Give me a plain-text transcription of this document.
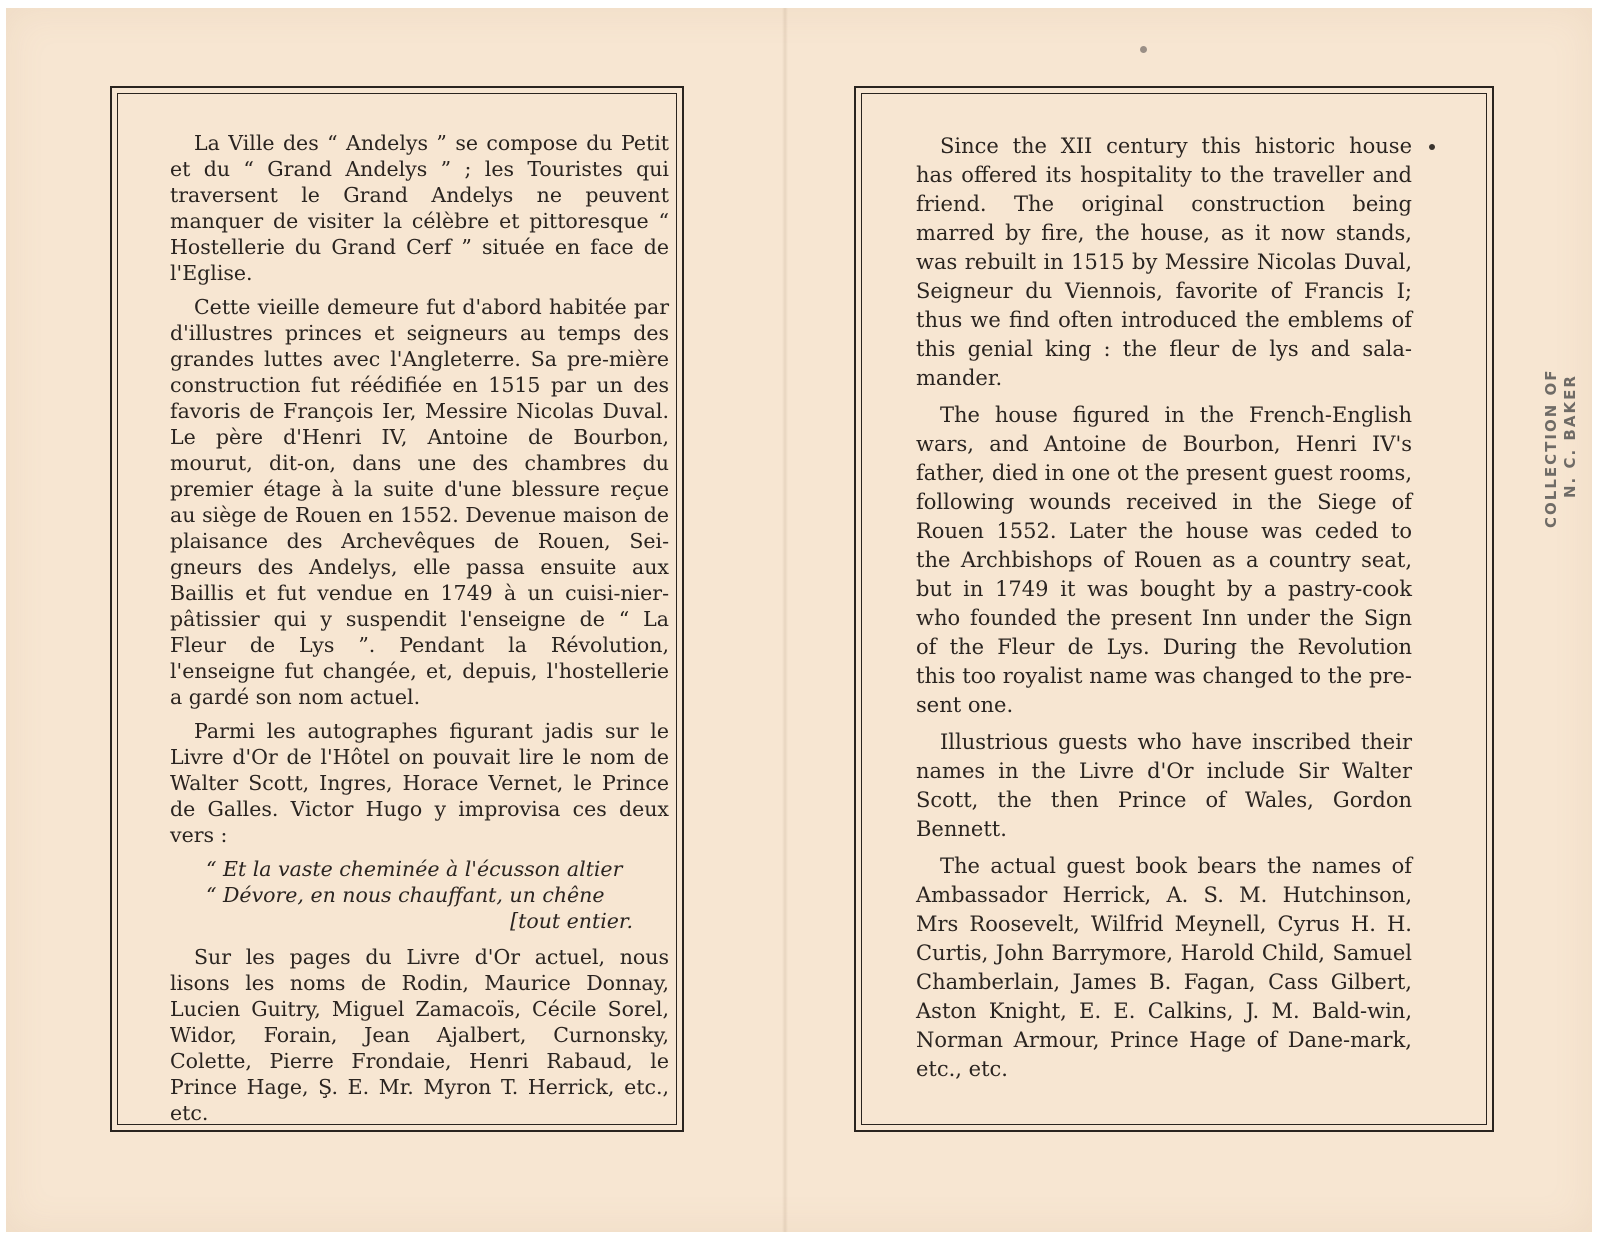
La Ville des “ Andelys ” se compose du Petit et du “ Grand Andelys ” ; les Touristes qui traversent le Grand Andelys ne peuvent manquer de visiter la célèbre et pittoresque “ Hostellerie du Grand Cerf ” située en face de l'Eglise.

Cette vieille demeure fut d'abord habitée par d'illustres princes et seigneurs au temps des grandes luttes avec l'Angleterre. Sa pre-mière construction fut réédifiée en 1515 par un des favoris de François Ier, Messire Nicolas Duval. Le père d'Henri IV, Antoine de Bourbon, mourut, dit-on, dans une des chambres du premier étage à la suite d'une blessure reçue au siège de Rouen en 1552. Devenue maison de plaisance des Archevêques de Rouen, Sei-gneurs des Andelys, elle passa ensuite aux Baillis et fut vendue en 1749 à un cuisi-nier-pâtissier qui y suspendit l'enseigne de “ La Fleur de Lys ”. Pendant la Révolution, l'enseigne fut changée, et, depuis, l'hostellerie a gardé son nom actuel.

Parmi les autographes figurant jadis sur le Livre d'Or de l'Hôtel on pouvait lire le nom de Walter Scott, Ingres, Horace Vernet, le Prince de Galles. Victor Hugo y improvisa ces deux vers :

“ Et la vaste cheminée à l'écusson altier
“ Dévore, en nous chauffant, un chêne
[tout entier.

Sur les pages du Livre d'Or actuel, nous lisons les noms de Rodin, Maurice Donnay, Lucien Guitry, Miguel Zamacoïs, Cécile Sorel, Widor, Forain, Jean Ajalbert, Curnonsky, Colette, Pierre Frondaie, Henri Rabaud, le Prince Hage, Ş. E. Mr. Myron T. Herrick, etc., etc.

Since the XII century this historic house has offered its hospitality to the traveller and friend. The original construction being marred by fire, the house, as it now stands, was rebuilt in 1515 by Messire Nicolas Duval, Seigneur du Viennois, favorite of Francis I; thus we find often introduced the emblems of this genial king : the fleur de lys and sala-mander.

The house figured in the French-English wars, and Antoine de Bourbon, Henri IV's father, died in one ot the present guest rooms, following wounds received in the Siege of Rouen 1552. Later the house was ceded to the Archbishops of Rouen as a country seat, but in 1749 it was bought by a pastry-cook who founded the present Inn under the Sign of the Fleur de Lys. During the Revolution this too royalist name was changed to the pre-sent one.

Illustrious guests who have inscribed their names in the Livre d'Or include Sir Walter Scott, the then Prince of Wales, Gordon Bennett.

The actual guest book bears the names of Ambassador Herrick, A. S. M. Hutchinson, Mrs Roosevelt, Wilfrid Meynell, Cyrus H. H. Curtis, John Barrymore, Harold Child, Samuel Chamberlain, James B. Fagan, Cass Gilbert, Aston Knight, E. E. Calkins, J. M. Bald-win, Norman Armour, Prince Hage of Dane-mark, etc., etc.

COLLECTION OF N. C. BAKER
